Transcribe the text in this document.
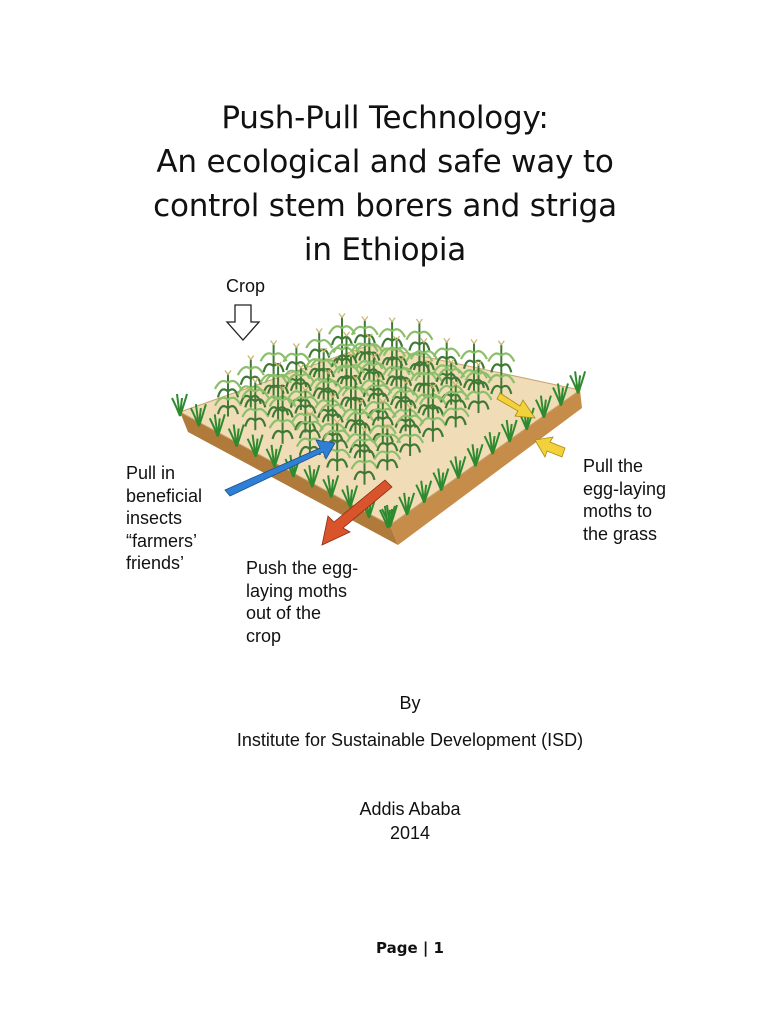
Push-Pull Technology:
An ecological and safe way to
control stem borers and striga
in Ethiopia
Crop
Pull in
beneficial
insects
“farmers’
friends’
Pull the
egg-laying
moths to
the grass
Push the egg-
laying moths
out of the
crop
By
Institute for Sustainable Development (ISD)
Addis Ababa
2014
Page | 1
